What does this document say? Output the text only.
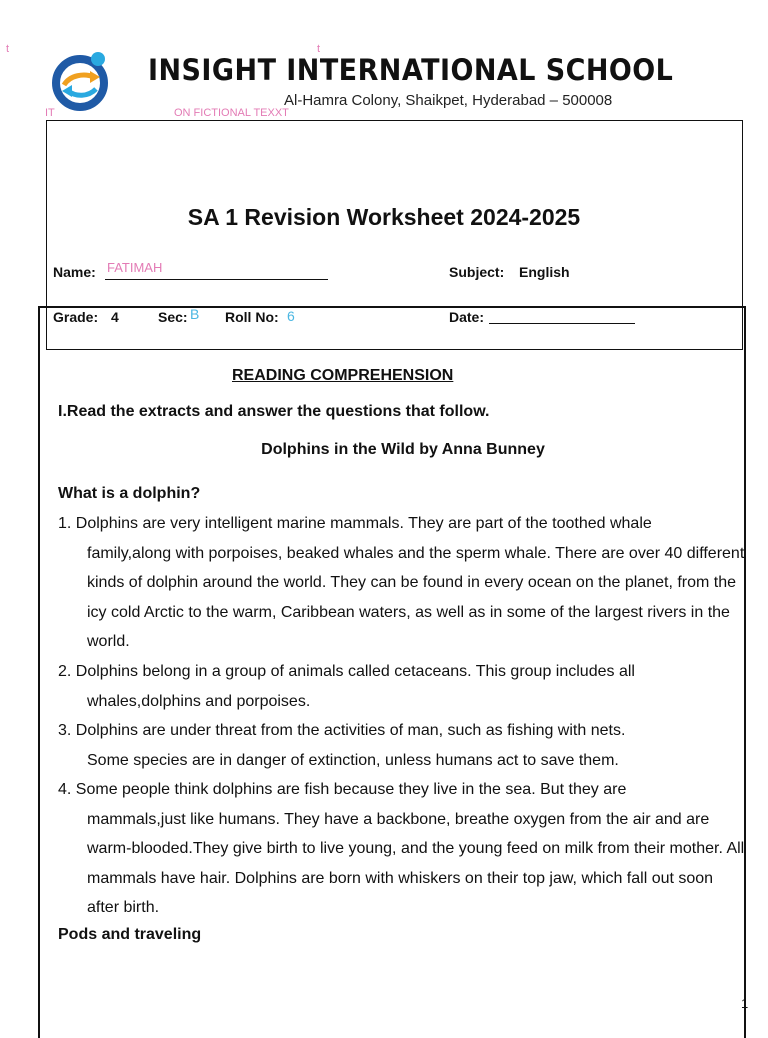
t	t
IT	ON FICTIONAL TEXXT
INSIGHT INTERNATIONAL SCHOOL
Al-Hamra Colony, Shaikpet, Hyderabad – 500008
SA 1 Revision Worksheet 2024-2025
Name: FATIMAH	Subject: English
Grade: 4	Sec: B Roll No: 6	Date:
READING COMPREHENSION
I.Read the extracts and answer the questions that follow.
Dolphins in the Wild by Anna Bunney
What is a dolphin?
1. Dolphins are very intelligent marine mammals. They are part of the toothed whale
family,along with porpoises, beaked whales and the sperm whale. There are over 40 different kinds of dolphin around the world. They can be found in every ocean on the planet, from the icy cold Arctic to the warm, Caribbean waters, as well as in some of the largest rivers in the world.
2. Dolphins belong in a group of animals called cetaceans. This group includes all
whales,dolphins and porpoises.
3. Dolphins are under threat from the activities of man, such as fishing with nets.
Some species are in danger of extinction, unless humans act to save them.
4. Some people think dolphins are fish because they live in the sea. But they are
mammals,just like humans. They have a backbone, breathe oxygen from the air and are warm-blooded.They give birth to live young, and the young feed on milk from their mother. All mammals have hair. Dolphins are born with whiskers on their top jaw, which fall out soon after birth.
Pods and traveling
1
